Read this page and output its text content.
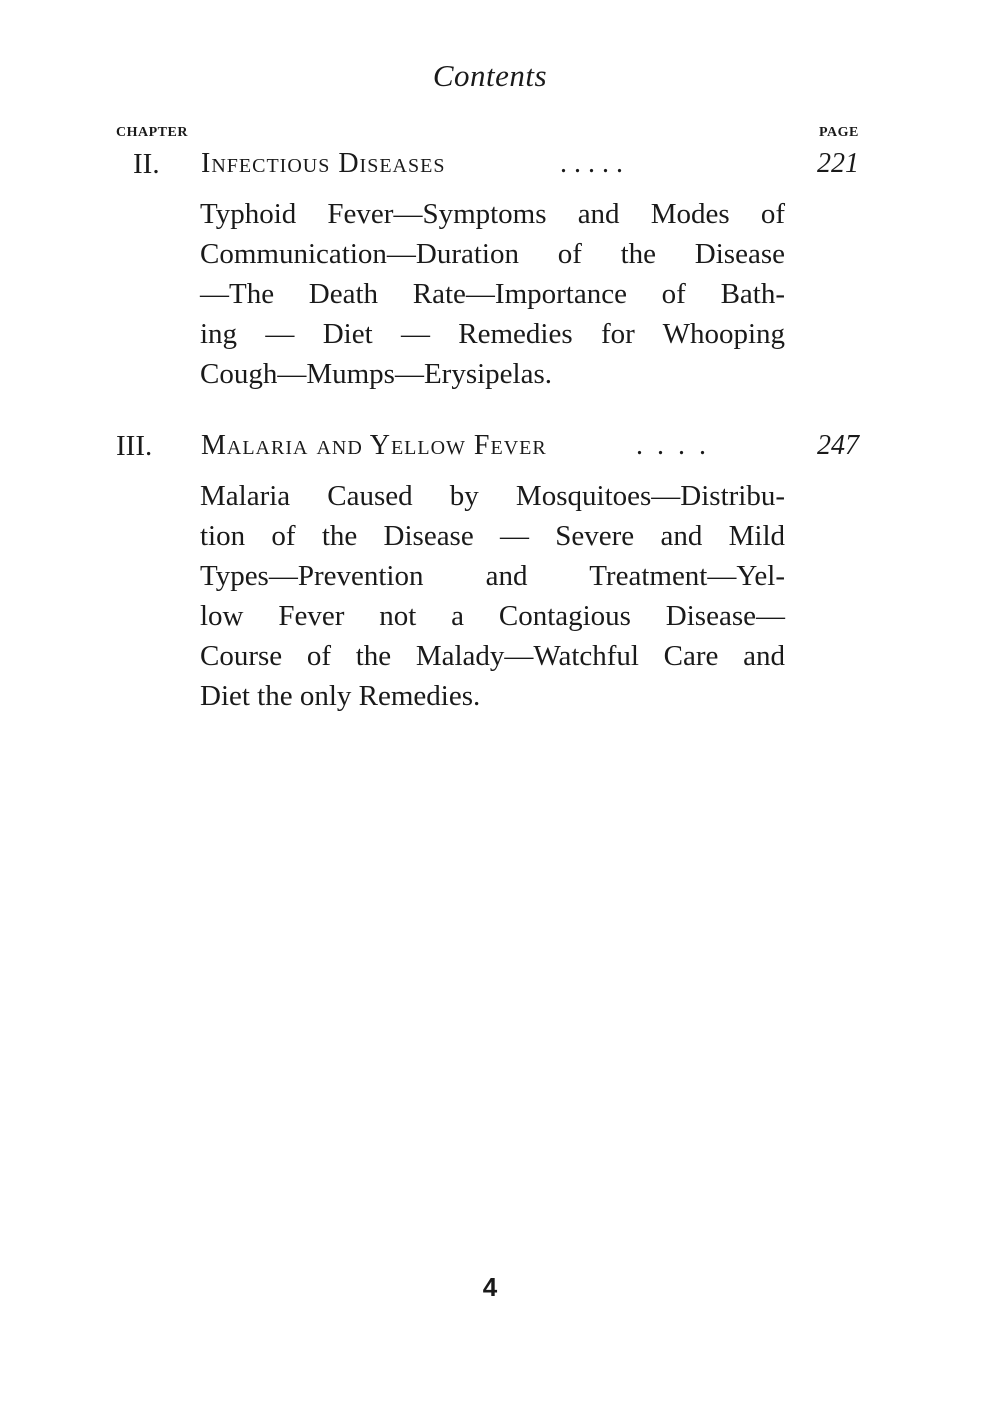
Contents
CHAPTER	PAGE
II. Infectious Diseases	. . . . .	221
Typhoid Fever—Symptoms and Modes of
Communication—Duration of the Disease
—The Death Rate—Importance of Bath-
ing — Diet — Remedies for Whooping
Cough—Mumps—Erysipelas.
III. Malaria and Yellow Fever	.  .  .  .	247
Malaria Caused by Mosquitoes—Distribu-
tion of the Disease — Severe and Mild
Types—Prevention and Treatment—Yel-
low Fever not a Contagious Disease—
Course of the Malady—Watchful Care and
Diet the only Remedies.
4
